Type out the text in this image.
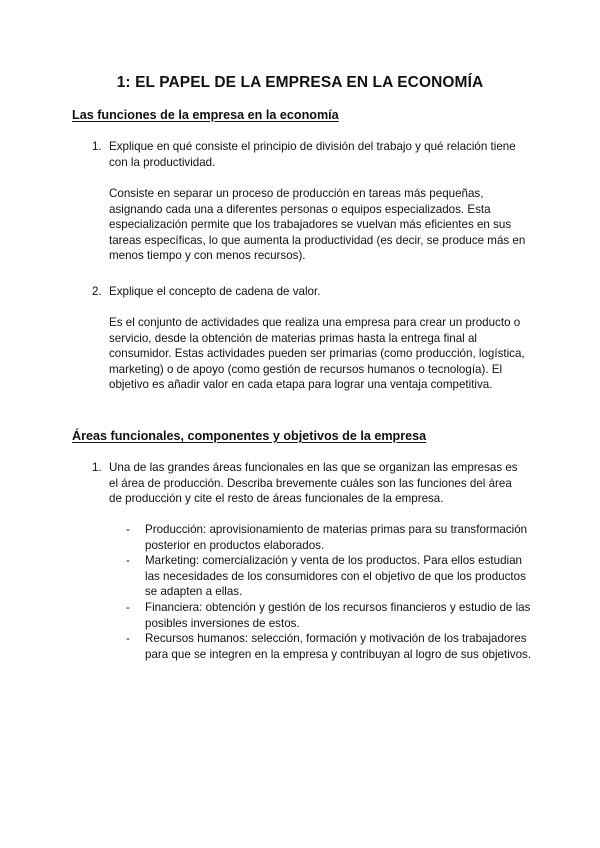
1: EL PAPEL DE LA EMPRESA EN LA ECONOMÍA
Las funciones de la empresa en la economía
1. Explique en qué consiste el principio de división del trabajo y qué relación tiene con la productividad.
Consiste en separar un proceso de producción en tareas más pequeñas, asignando cada una a diferentes personas o equipos especializados. Esta especialización permite que los trabajadores se vuelvan más eficientes en sus tareas específicas, lo que aumenta la productividad (es decir, se produce más en menos tiempo y con menos recursos).
2. Explique el concepto de cadena de valor.
Es el conjunto de actividades que realiza una empresa para crear un producto o servicio, desde la obtención de materias primas hasta la entrega final al consumidor. Estas actividades pueden ser primarias (como producción, logística, marketing) o de apoyo (como gestión de recursos humanos o tecnología). El objetivo es añadir valor en cada etapa para lograr una ventaja competitiva.
Áreas funcionales, componentes y objetivos de la empresa
1. Una de las grandes áreas funcionales en las que se organizan las empresas es el área de producción. Describa brevemente cuáles son las funciones del área de producción y cite el resto de áreas funcionales de la empresa.
- Producción: aprovisionamiento de materias primas para su transformación posterior en productos elaborados.
- Marketing: comercialización y venta de los productos. Para ellos estudian las necesidades de los consumidores con el objetivo de que los productos se adapten a ellas.
- Financiera: obtención y gestión de los recursos financieros y estudio de las posibles inversiones de estos.
- Recursos humanos: selección, formación y motivación de los trabajadores para que se integren en la empresa y contribuyan al logro de sus objetivos.
